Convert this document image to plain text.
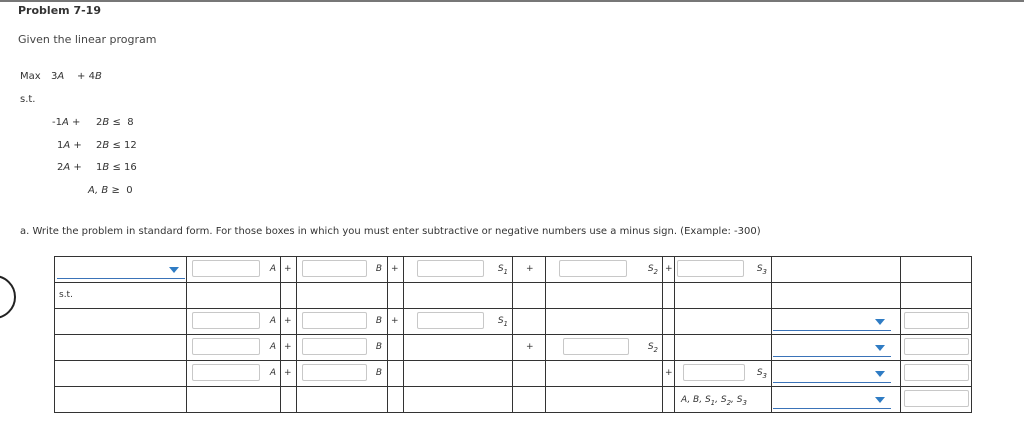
Problem 7-19
Given the linear program
Max 3A + 4B
s.t.
-1A + 2B ≤ 8
1A + 2B ≤ 12
2A + 1B ≤ 16
A, B ≥ 0
a. Write the problem in standard form. For those boxes in which you must enter subtractive or negative numbers use a minus sign. (Example: -300)

	A	+	B	+	$S_1$	+	$S_2$	+	$S_3$

s.t.											

	A	+	B	+	$S_1$

	A	+	B			+	$S_2$

	A	+	B					+	$S_3$

									A, B, $S_1$, $S_2$, $S_3$
